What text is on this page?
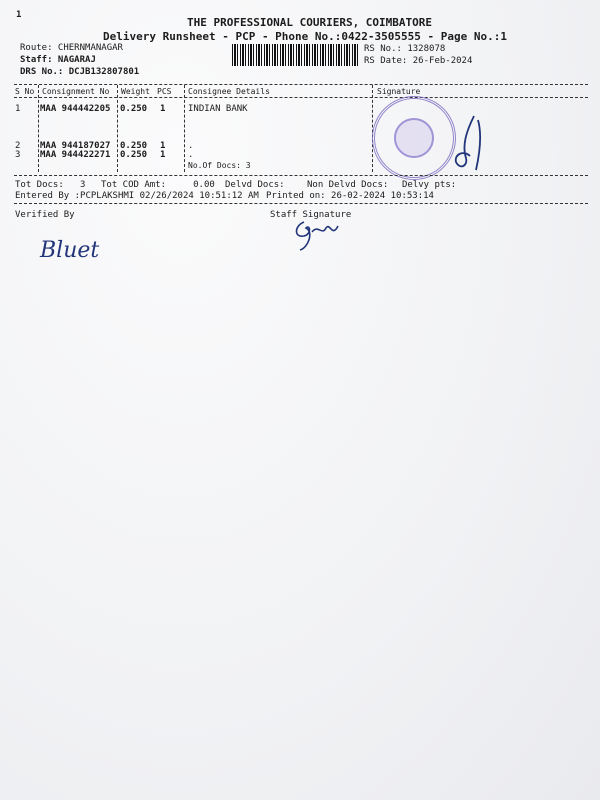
1
THE PROFESSIONAL COURIERS, COIMBATORE
Delivery Runsheet - PCP - Phone No.:0422-3505555 - Page No.:1
Route: CHERNMANAGAR
Staff: NAGARAJ
DRS No.: DCJB132807801
RS No.: 1328078
RS Date: 26-Feb-2024
S No Consignment No Weight PCS Consignee Details	Signature
1 MAA 944442205 0.250 1	INDIAN BANK
2 MAA 944187027 0.250 1	.
3 MAA 944422271 0.250 1	.
No.Of Docs: 3
Tot Docs:   3 Tot COD Amt:     0.00 Delvd Docs: Non Delvd Docs: Delvy pts:
Entered By :PCPLAKSHMI 02/26/2024 10:51:12 AM Printed on: 26-02-2024 10:53:14
Verified By	Staff Signature
Bluet
